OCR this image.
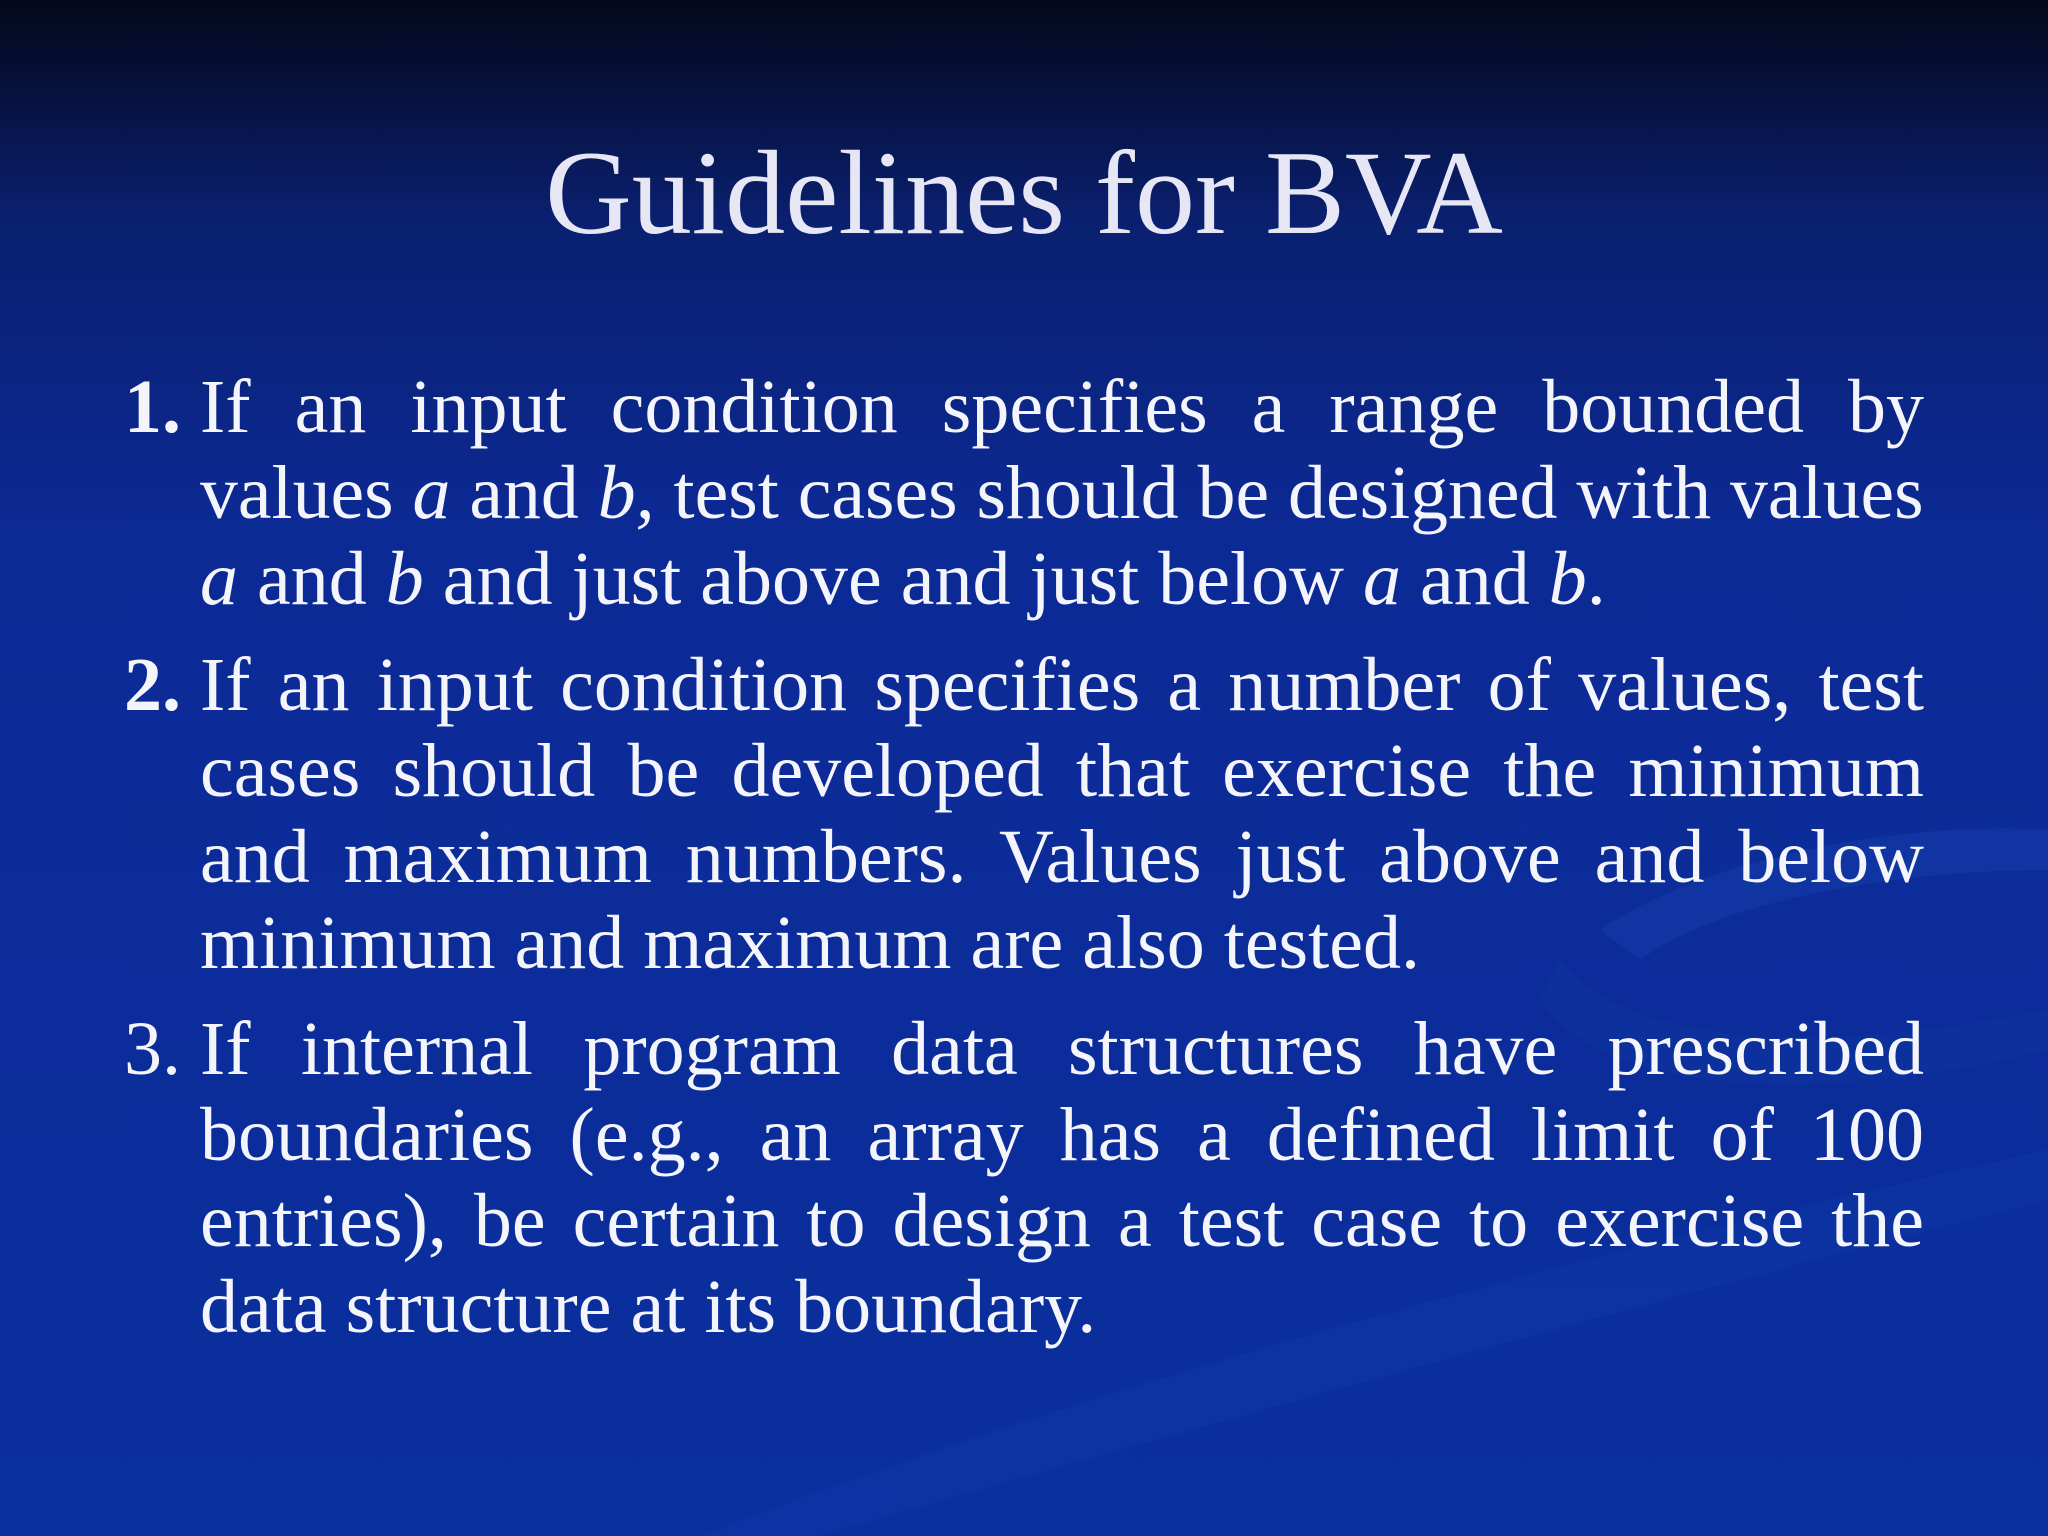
Guidelines for BVA
1. If an input condition specifies a range bounded by
values a and b, test cases should be designed with values
a and b and just above and just below a and b.
2. If an input condition specifies a number of values, test
cases should be developed that exercise the minimum
and maximum numbers. Values just above and below
minimum and maximum are also tested.
3. If internal program data structures have prescribed
boundaries (e.g., an array has a defined limit of 100
entries), be certain to design a test case to exercise the
data structure at its boundary.
